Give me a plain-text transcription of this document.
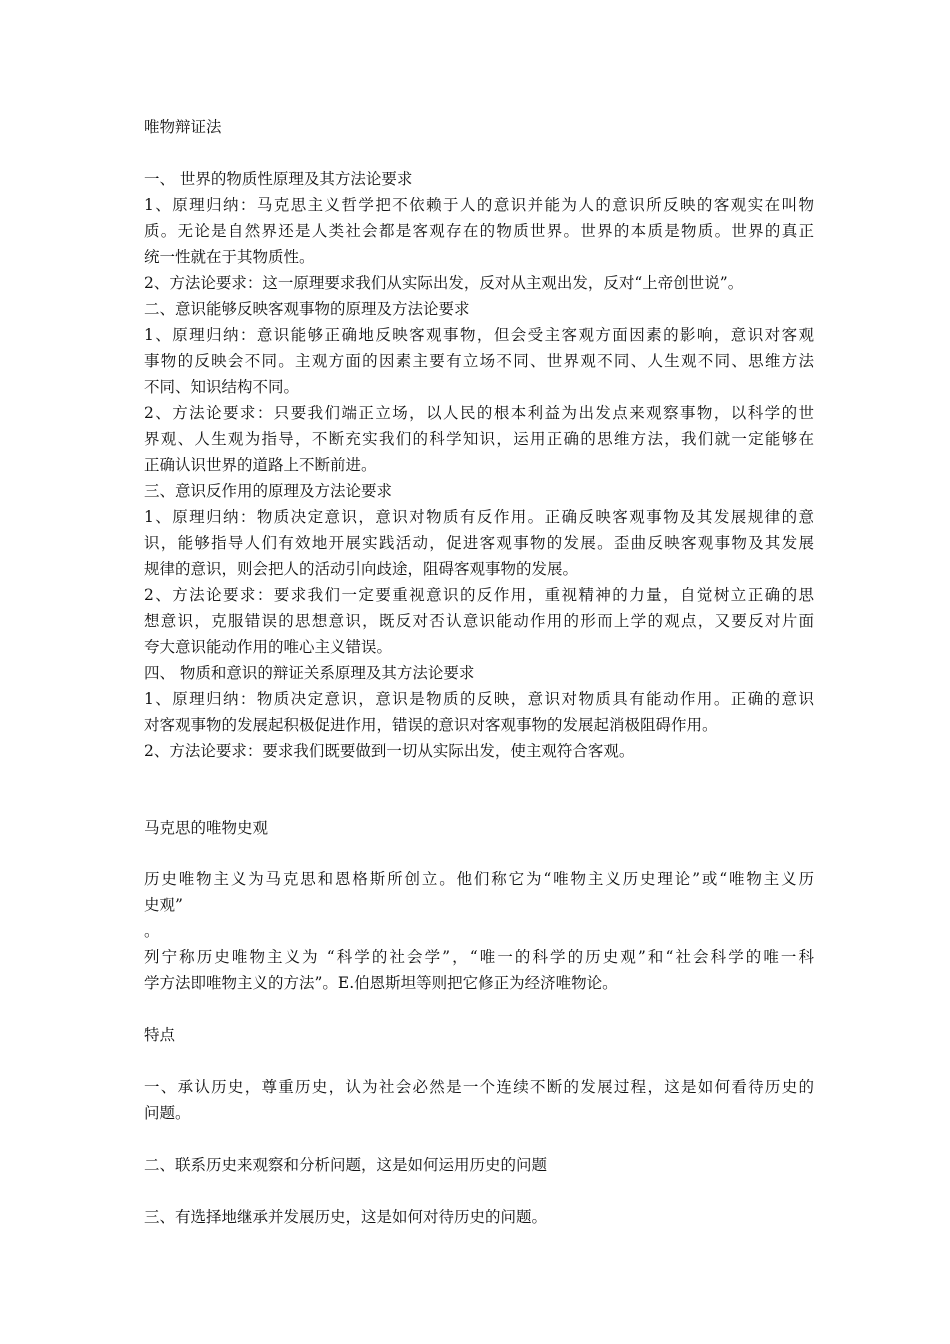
唯物辩证法
一、 世界的物质性原理及其方法论要求
1、原理归纳：马克思主义哲学把不依赖于人的意识并能为人的意识所反映的客观实在叫物
质。无论是自然界还是人类社会都是客观存在的物质世界。世界的本质是物质。世界的真正
统一性就在于其物质性。
2、方法论要求：这一原理要求我们从实际出发，反对从主观出发，反对“上帝创世说”。
二、意识能够反映客观事物的原理及方法论要求
1、原理归纳：意识能够正确地反映客观事物，但会受主客观方面因素的影响，意识对客观
事物的反映会不同。主观方面的因素主要有立场不同、世界观不同、人生观不同、思维方法
不同、知识结构不同。
2、方法论要求：只要我们端正立场，以人民的根本利益为出发点来观察事物，以科学的世
界观、人生观为指导，不断充实我们的科学知识，运用正确的思维方法，我们就一定能够在
正确认识世界的道路上不断前进。
三、意识反作用的原理及方法论要求
1、原理归纳：物质决定意识，意识对物质有反作用。正确反映客观事物及其发展规律的意
识，能够指导人们有效地开展实践活动，促进客观事物的发展。歪曲反映客观事物及其发展
规律的意识，则会把人的活动引向歧途，阻碍客观事物的发展。
2、方法论要求：要求我们一定要重视意识的反作用，重视精神的力量，自觉树立正确的思
想意识，克服错误的思想意识，既反对否认意识能动作用的形而上学的观点，又要反对片面
夸大意识能动作用的唯心主义错误。
四、 物质和意识的辩证关系原理及其方法论要求
1、原理归纳：物质决定意识，意识是物质的反映，意识对物质具有能动作用。正确的意识
对客观事物的发展起积极促进作用，错误的意识对客观事物的发展起消极阻碍作用。
2、方法论要求：要求我们既要做到一切从实际出发，使主观符合客观。
马克思的唯物史观
历史唯物主义为马克思和恩格斯所创立。他们称它为“唯物主义历史理论”或“唯物主义历
史观”
。
列宁称历史唯物主义为 “科学的社会学”，“唯一的科学的历史观”和“社会科学的唯一科
学方法即唯物主义的方法”。E.伯恩斯坦等则把它修正为经济唯物论。
特点
一、承认历史，尊重历史，认为社会必然是一个连续不断的发展过程，这是如何看待历史的
问题。
二、联系历史来观察和分析问题，这是如何运用历史的问题
三、有选择地继承并发展历史，这是如何对待历史的问题。
